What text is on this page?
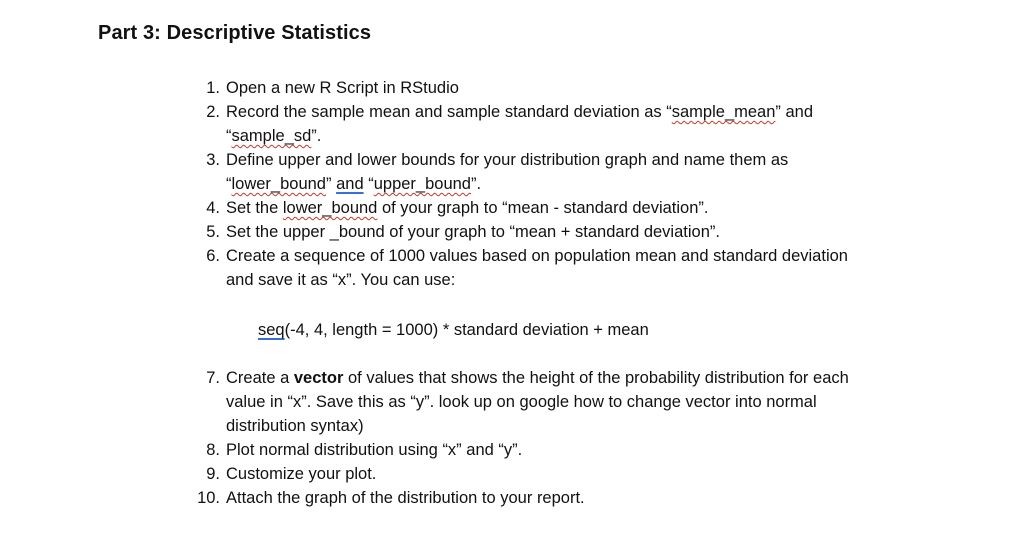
Part 3: Descriptive Statistics
1. Open a new R Script in RStudio
2. Record the sample mean and sample standard deviation as “sample_mean” and
“sample_sd”.
3. Define upper and lower bounds for your distribution graph and name them as
“lower_bound” and “upper_bound”.
4. Set the lower_bound of your graph to “mean - standard deviation”.
5. Set the upper _bound of your graph to “mean + standard deviation”.
6. Create a sequence of 1000 values based on population mean and standard deviation
and save it as “x”. You can use:
seq(-4, 4, length = 1000) * standard deviation + mean
7. Create a vector of values that shows the height of the probability distribution for each
value in “x”. Save this as “y”. look up on google how to change vector into normal
distribution syntax)
8. Plot normal distribution using “x” and “y”.
9. Customize your plot.
10. Attach the graph of the distribution to your report.
